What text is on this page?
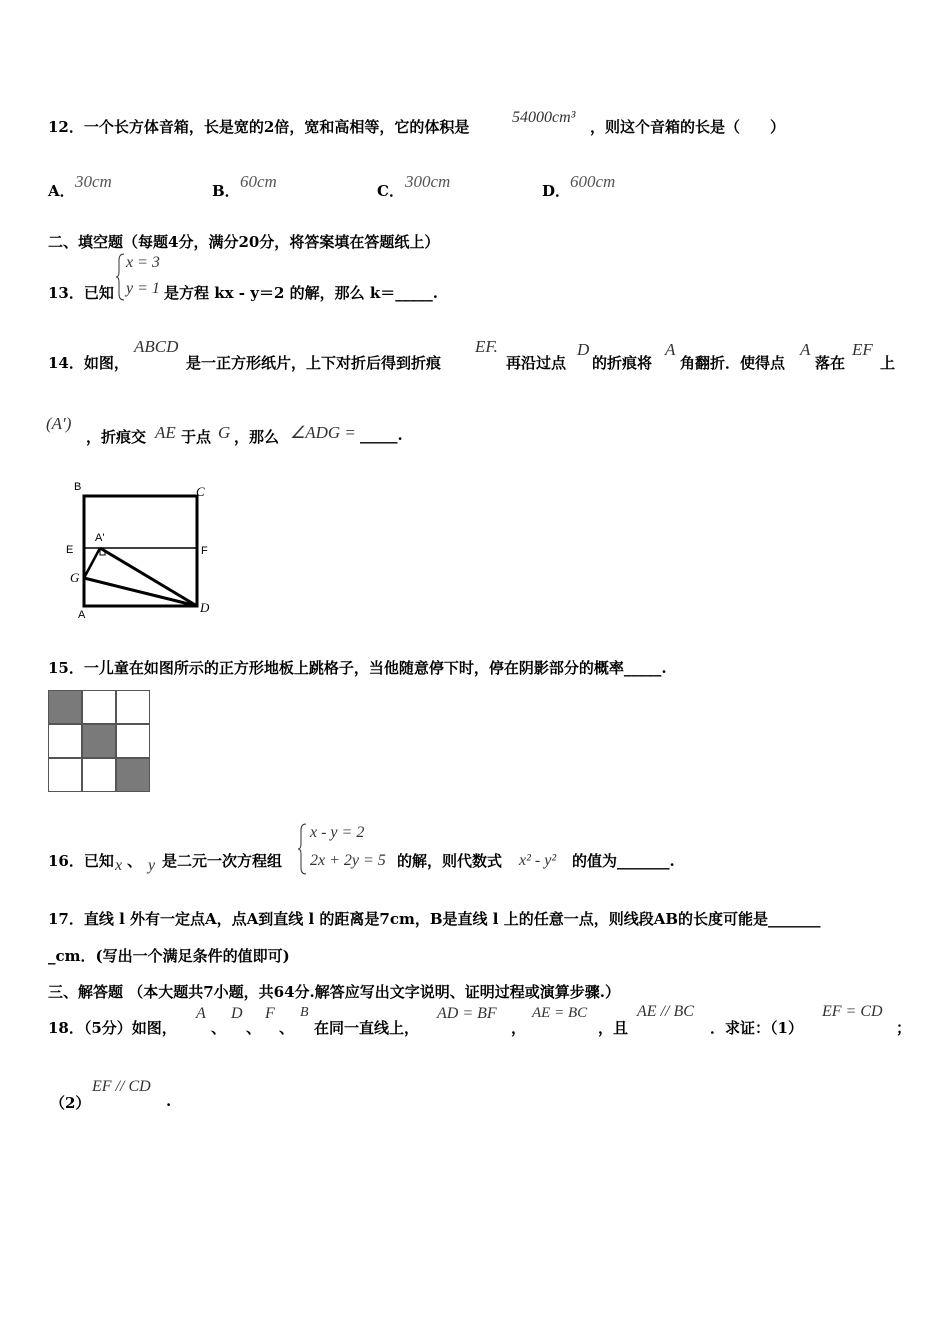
12．一个长方体音箱，长是宽的2倍，宽和高相等，它的体积是
54000cm³
，则这个音箱的长是（　　）
A． 30cm	B． 60cm	C． 300cm	D． 600cm
二、填空题（每题4分，满分20分，将答案填在答题纸上）
13．已知
x = 3
y = 1 是方程 kx - y＝2 的解，那么 k＝_____.
14．如图，
ABCD
是一正方形纸片，上下对折后得到折痕
EF.
再沿过点
D
的折痕将
A
角翻折．使得点
A
落在
EF
上
(A′)
，折痕交 AE 于点 G ，那么 ∠ADG = _____.
B	C
E	F
A'
G
A	D
15．一儿童在如图所示的正方形地板上跳格子，当他随意停下时，停在阴影部分的概率_____.
16．已知 x 、 y 是二元一次方程组
x - y = 2
2x + 2y = 5 的解，则代数式 x² - y² 的值为_______.
17．直线 l 外有一定点A，点A到直线 l 的距离是7cm，B是直线 l 上的任意一点，则线段AB的长度可能是_______
_cm．(写出一个满足条件的值即可)
三、解答题 （本大题共7小题，共64分.解答应写出文字说明、证明过程或演算步骤.）
18．（5分）如图，
A
、
D
、
F
、
B
在同一直线上，
AD = BF
，
AE = BC
，且
AE // BC
．求证：（1）
EF = CD
；
（2）
EF // CD
.
